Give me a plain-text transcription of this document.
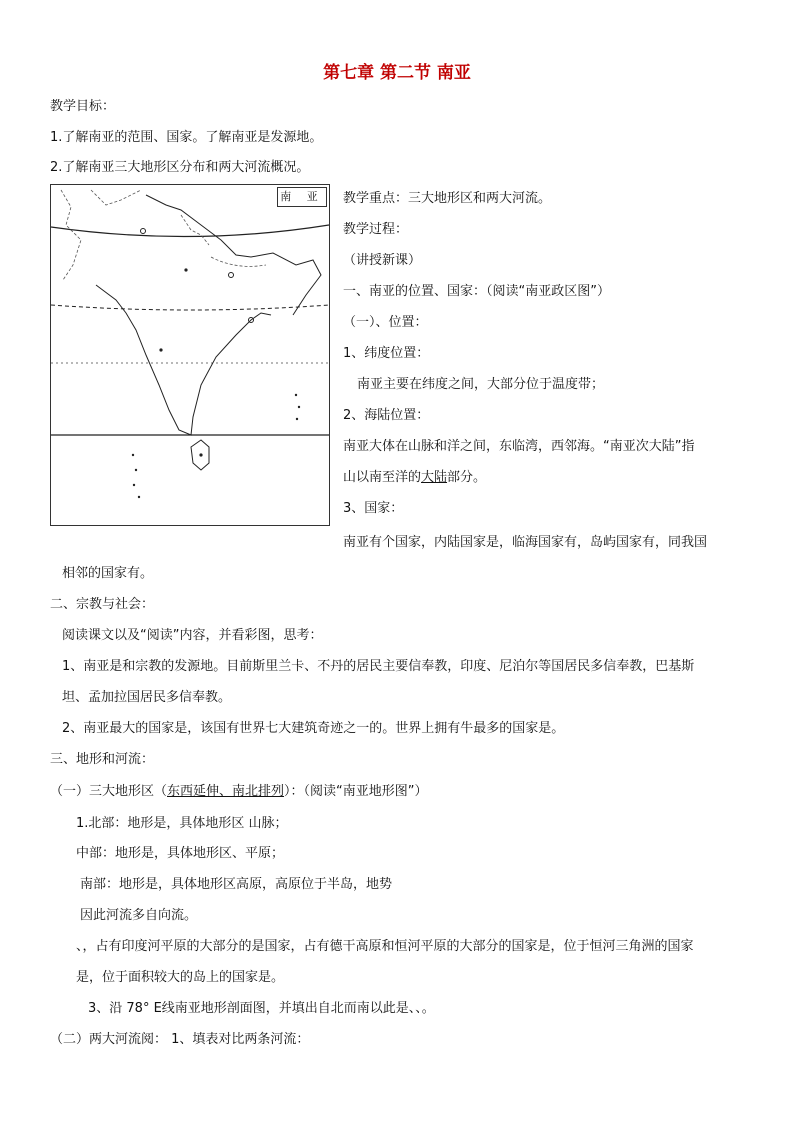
第七章 第二节 南亚
教学目标：
1.了解南亚的范围、国家。了解南亚是发源地。
2.了解南亚三大地形区分布和两大河流概况。
南 亚 教学重点：三大地形区和两大河流。
教学过程：
（讲授新课）
一、南亚的位置、国家：（阅读“南亚政区图”）
（一）、位置：
1、纬度位置：
南亚主要在纬度之间，大部分位于温度带；
2、海陆位置：
南亚大体在山脉和洋之间，东临湾，西邻海。“南亚次大陆”指
山以南至洋的大陆部分。
3、国家：
南亚有个国家，内陆国家是，临海国家有，岛屿国家有，同我国
相邻的国家有。
二、宗教与社会：
阅读课文以及“阅读”内容，并看彩图，思考：
1、南亚是和宗教的发源地。目前斯里兰卡、不丹的居民主要信奉教，印度、尼泊尔等国居民多信奉教，巴基斯
坦、孟加拉国居民多信奉教。
2、南亚最大的国家是，该国有世界七大建筑奇迹之一的。世界上拥有牛最多的国家是。
三、地形和河流：
（一）三大地形区（东西延伸、南北排列）：（阅读“南亚地形图”）
1.北部：地形是，具体地形区 山脉；
中部：地形是，具体地形区、平原；
南部：地形是，具体地形区高原，高原位于半岛，地势
因此河流多自向流。
、，占有印度河平原的大部分的是国家，占有德干高原和恒河平原的大部分的国家是，位于恒河三角洲的国家
是，位于面积较大的岛上的国家是。
3、沿 78° E线南亚地形剖面图，并填出自北而南以此是、、。
（二）两大河流阅： 1、填表对比两条河流：
